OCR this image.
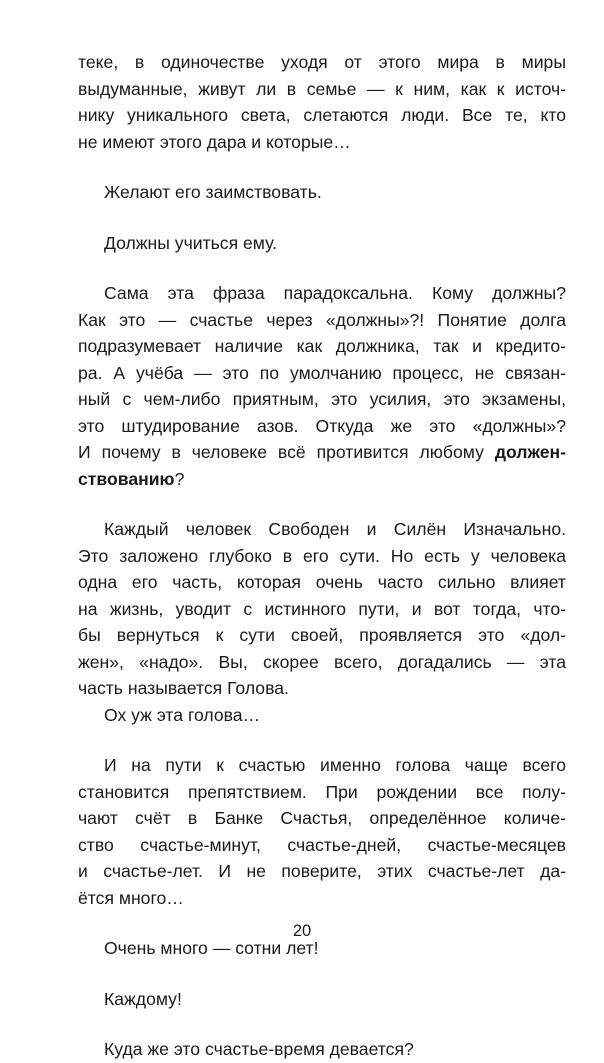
теке, в одиночестве уходя от этого мира в миры

выдуманные, живут ли в семье — к ним, как к источ-

нику уникального света, слетаются люди. Все те, кто

не имеют этого дара и которые…

Желают его заимствовать.

Должны учиться ему.

Сама эта фраза парадоксальна. Кому должны?

Как это — счастье через «должны»?! Понятие долга

подразумевает наличие как должника, так и кредито-

ра. А учёба — это по умолчанию процесс, не связан-

ный с чем-либо приятным, это усилия, это экзамены,

это штудирование азов. Откуда же это «должны»?

И почему в человеке всё противится любому должен-

ствованию?

Каждый человек Свободен и Силён Изначально.

Это заложено глубоко в его сути. Но есть у человека

одна его часть, которая очень часто сильно влияет

на жизнь, уводит с истинного пути, и вот тогда, что-

бы вернуться к сути своей, проявляется это «дол-

жен», «надо». Вы, скорее всего, догадались — эта

часть называется Голова.

Ох уж эта голова…

И на пути к счастью именно голова чаще всего

становится препятствием. При рождении все полу-

чают счёт в Банке Счастья, определённое количе-

ство счастье-минут, счастье-дней, счастье-месяцев

и счастье-лет. И не поверите, этих счастье-лет да-

ётся много…

Очень много — сотни лет!

Каждому!

Куда же это счастье-время девается?

20
